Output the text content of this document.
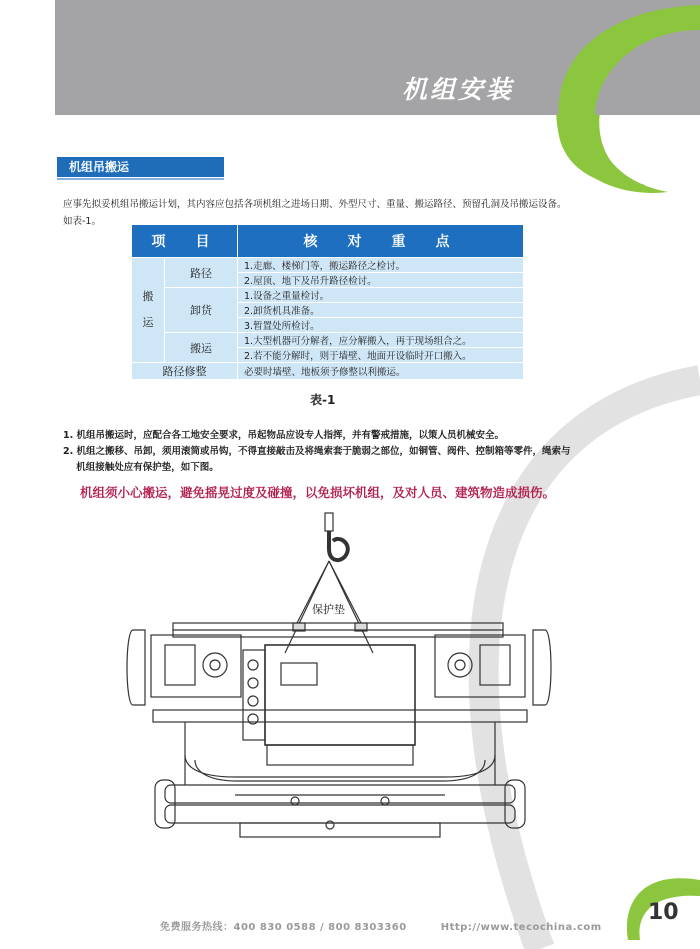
机组安装
机组吊搬运
应事先拟妥机组吊搬运计划，其内容应包括各项机组之进场日期、外型尺寸、重量、搬运路径、预留孔洞及吊搬运设备。
如表-1。
项　目		核　对　重　点

搬
运	路径	1.走廊、楼梯门等，搬运路径之检讨。
		2.屋顶、地下及吊升路径检讨。
	卸货	1.设备之重量检讨。
		2.卸货机具准备。
		3.暂置处所检讨。
	搬运	1.大型机器可分解者，应分解搬入，再于现场组合之。
		2.若不能分解时，则于墙壁、地面开设临时开口搬入。
路径修整		必要时墙壁、地板须予修整以利搬运。
表-1
1. 机组吊搬运时，应配合各工地安全要求，吊起物品应设专人指挥，并有警戒措施，以策人员机械安全。
2. 机组之搬移、吊卸，须用滚筒或吊钩，不得直接敲击及将绳索套于脆弱之部位，如铜管、阀件、控制箱等零件，绳索与
机组接触处应有保护垫，如下图。
机组须小心搬运，避免摇晃过度及碰撞，以免损坏机组，及对人员、建筑物造成损伤。
保护垫
免费服务热线：400 830 0588 / 800 8303360	Http://www.tecochina.com
10
